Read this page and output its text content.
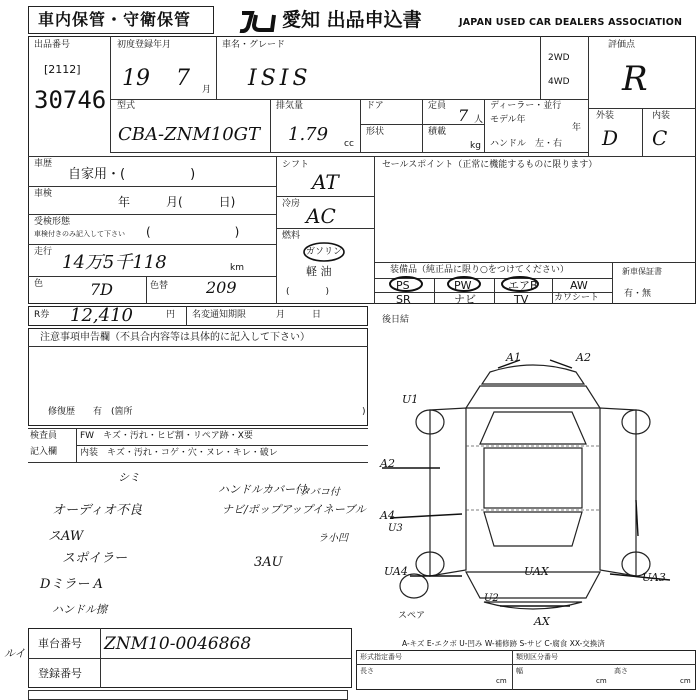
車内保管・守衛保管	愛知 出品申込書	JAPAN USED CAR DEALERS ASSOCIATION
出品番号
[2112]
30746
初度登録年月
19 7 月
車名・グレード
ISIS
2WD
4WD
評価点
R
型式
CBA-ZNM10GT
排気量
1.79 cc
ドア
形状
定員 7 人
積載
kg
ディーラー・並行
モデル年
年
ハンドル　左・右
外装	内装
D C
車歴
自家用・(　　　　　)
車検
年　　　月(　　　日)
受検形態
車検付きのみ記入して下さい (　　　　　　　)
走行 14万5千118	km
色	7D	色替 209
シフト
AT
冷房 AC
燃料
ガソリン
軽 油
(　　　　)
セールスポイント（正常に機能するものに限ります）
装備品（純正品に限り○をつけてください）
PS	PW	エアB	AW
SR	ナビ	TV	カワシート
新車保証書
有・無
R券 12,410	円 名変通知期限	月　　　日
注意事項申告欄（不具合内容等は具体的に記入して下さい）
修復歴　　有　(箇所	)
後日結
検査員
記入欄
FW　キズ・汚れ・ヒビ割・リペア跡・X要
内装　キズ・汚れ・コゲ・穴・ヌレ・キレ・破レ
シミ
オーディオ不良
ハンドルカバー付
ナビ/ポップアップイネーブル
タバコ付
スAW
スポイラー	3AU
ラ小凹
Dミラー A
ハンドル擦
A1	A2
U1
A2
A4
U3
UA4	UAX	UA3
U2
AX
スペア
A-キズ E-エクボ U-凹み W-補修跡 S-サビ C-腐食 XX-交換済
車台番号 ZNM10-0046868
登録番号
形式指定番号	類別区分番号
長さ	幅	高さ
cm	cm	cm
ルイ
